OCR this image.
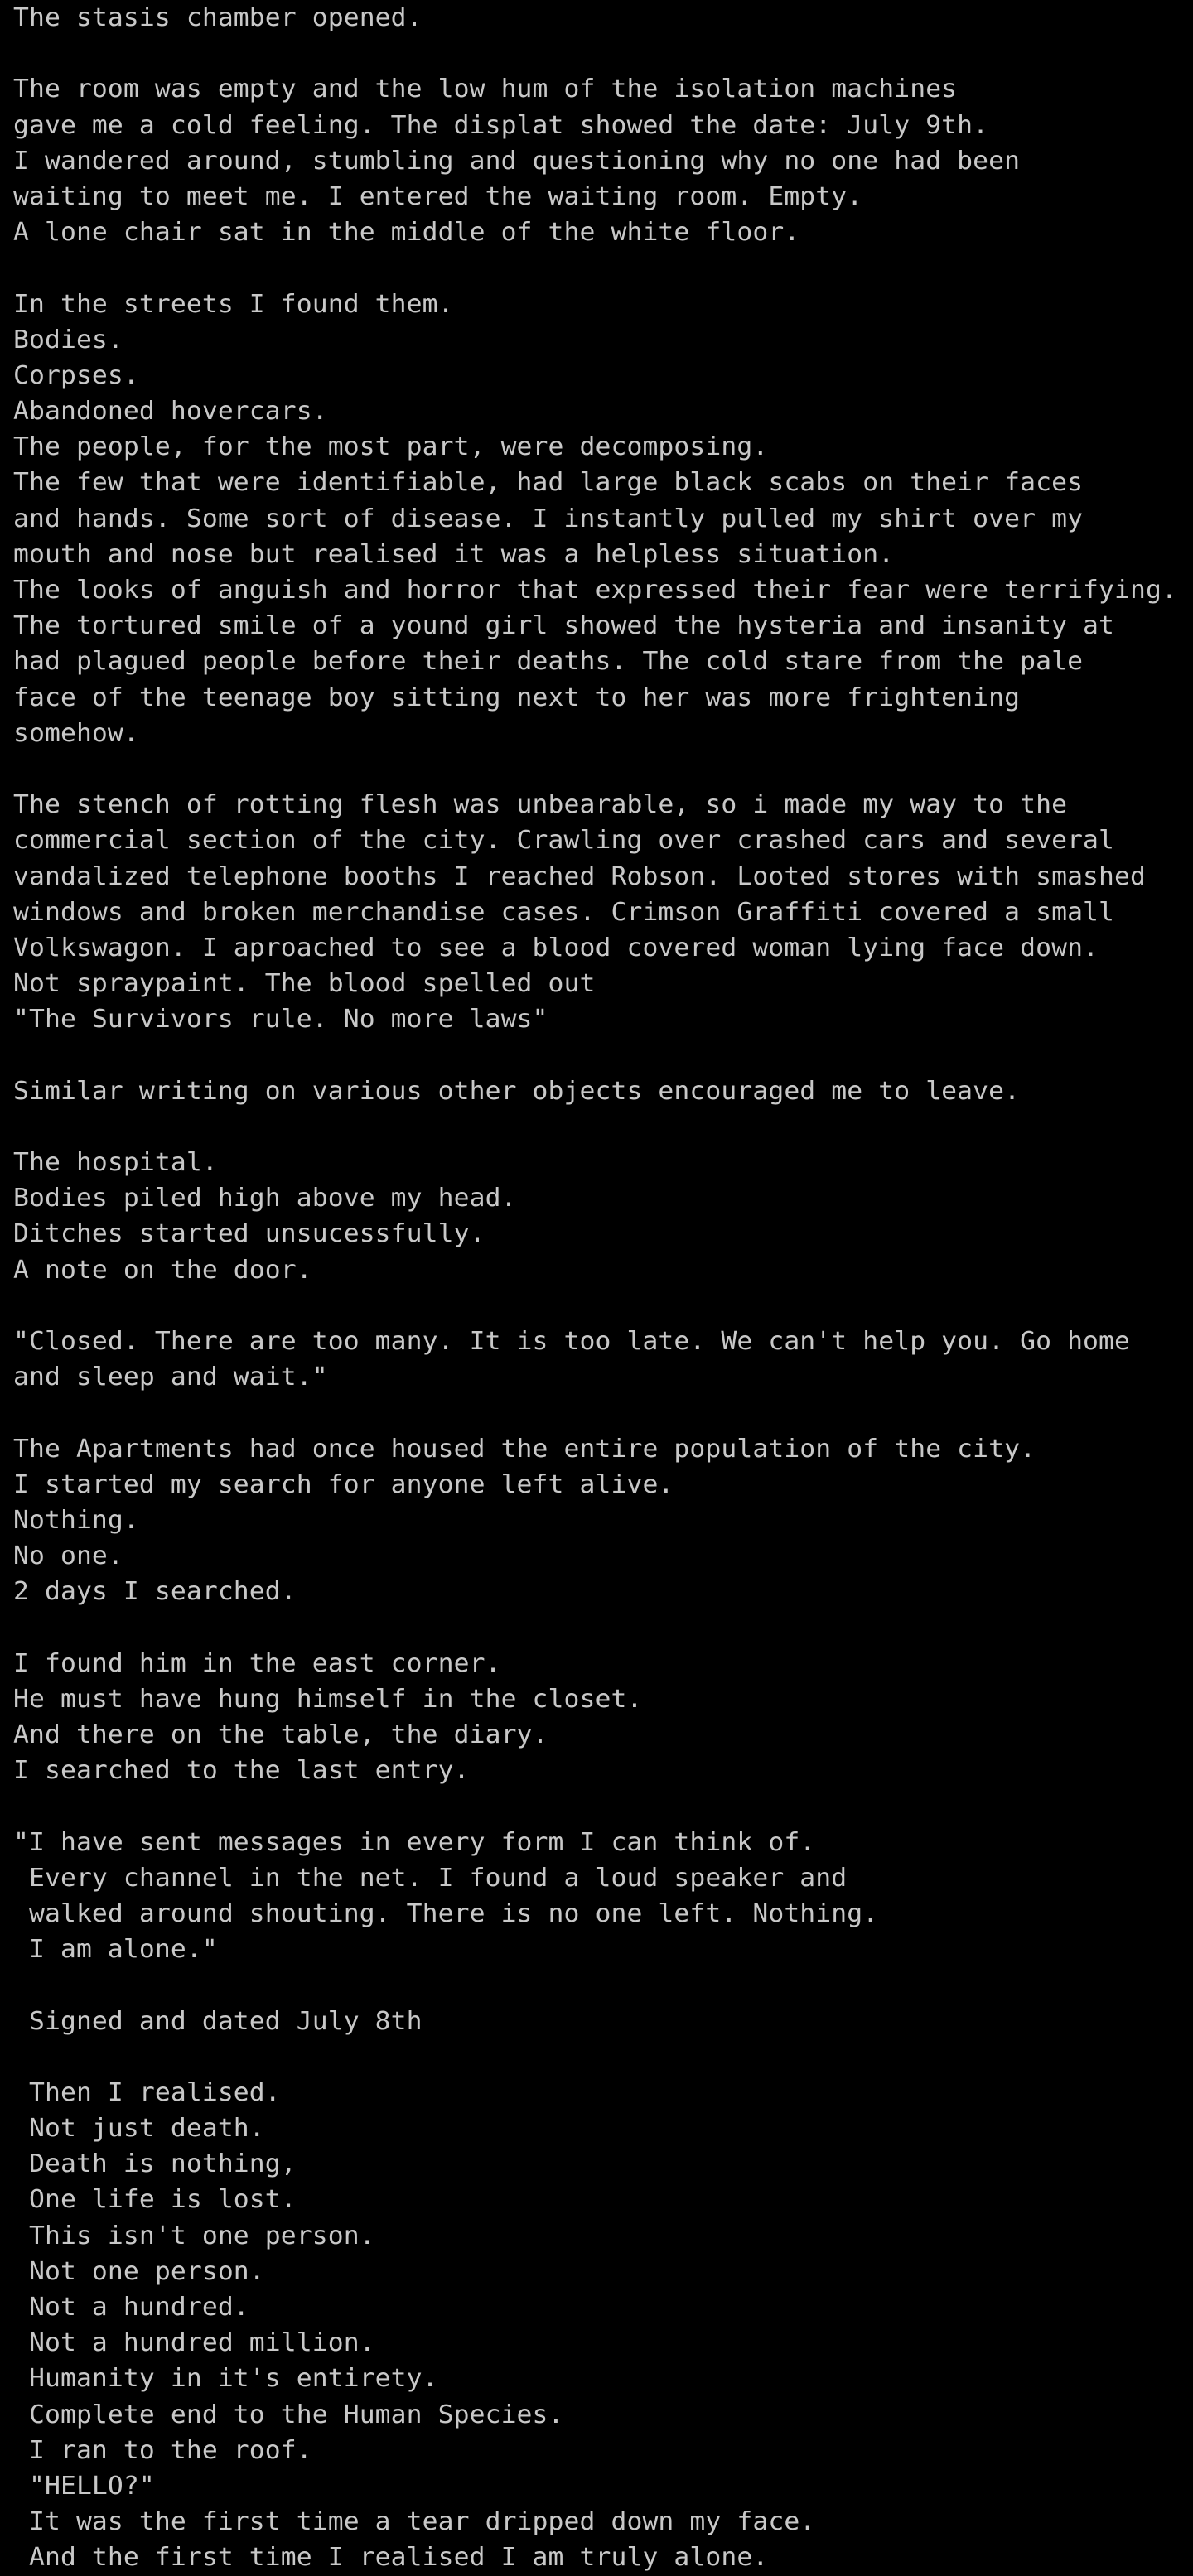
The stasis chamber opened.
The room was empty and the low hum of the isolation machines
gave me a cold feeling. The displat showed the date: July 9th.
I wandered around, stumbling and questioning why no one had been
waiting to meet me. I entered the waiting room. Empty.
A lone chair sat in the middle of the white floor.
In the streets I found them.
Bodies.
Corpses.
Abandoned hovercars.
The people, for the most part, were decomposing.
The few that were identifiable, had large black scabs on their faces
and hands. Some sort of disease. I instantly pulled my shirt over my
mouth and nose but realised it was a helpless situation.
The looks of anguish and horror that expressed their fear were terrifying.
The tortured smile of a yound girl showed the hysteria and insanity at
had plagued people before their deaths. The cold stare from the pale
face of the teenage boy sitting next to her was more frightening
somehow.
The stench of rotting flesh was unbearable, so i made my way to the
commercial section of the city. Crawling over crashed cars and several
vandalized telephone booths I reached Robson. Looted stores with smashed
windows and broken merchandise cases. Crimson Graffiti covered a small
Volkswagon. I aproached to see a blood covered woman lying face down.
Not spraypaint. The blood spelled out
"The Survivors rule. No more laws"
Similar writing on various other objects encouraged me to leave.
The hospital.
Bodies piled high above my head.
Ditches started unsucessfully.
A note on the door.
"Closed. There are too many. It is too late. We can't help you. Go home
and sleep and wait."
The Apartments had once housed the entire population of the city.
I started my search for anyone left alive.
Nothing.
No one.
2 days I searched.
I found him in the east corner.
He must have hung himself in the closet.
And there on the table, the diary.
I searched to the last entry.
"I have sent messages in every form I can think of.
Every channel in the net. I found a loud speaker and
walked around shouting. There is no one left. Nothing.
I am alone."
Signed and dated July 8th
Then I realised.
Not just death.
Death is nothing,
One life is lost.
This isn't one person.
Not one person.
Not a hundred.
Not a hundred million.
Humanity in it's entirety.
Complete end to the Human Species.
I ran to the roof.
"HELLO?"
It was the first time a tear dripped down my face.
And the first time I realised I am truly alone.
